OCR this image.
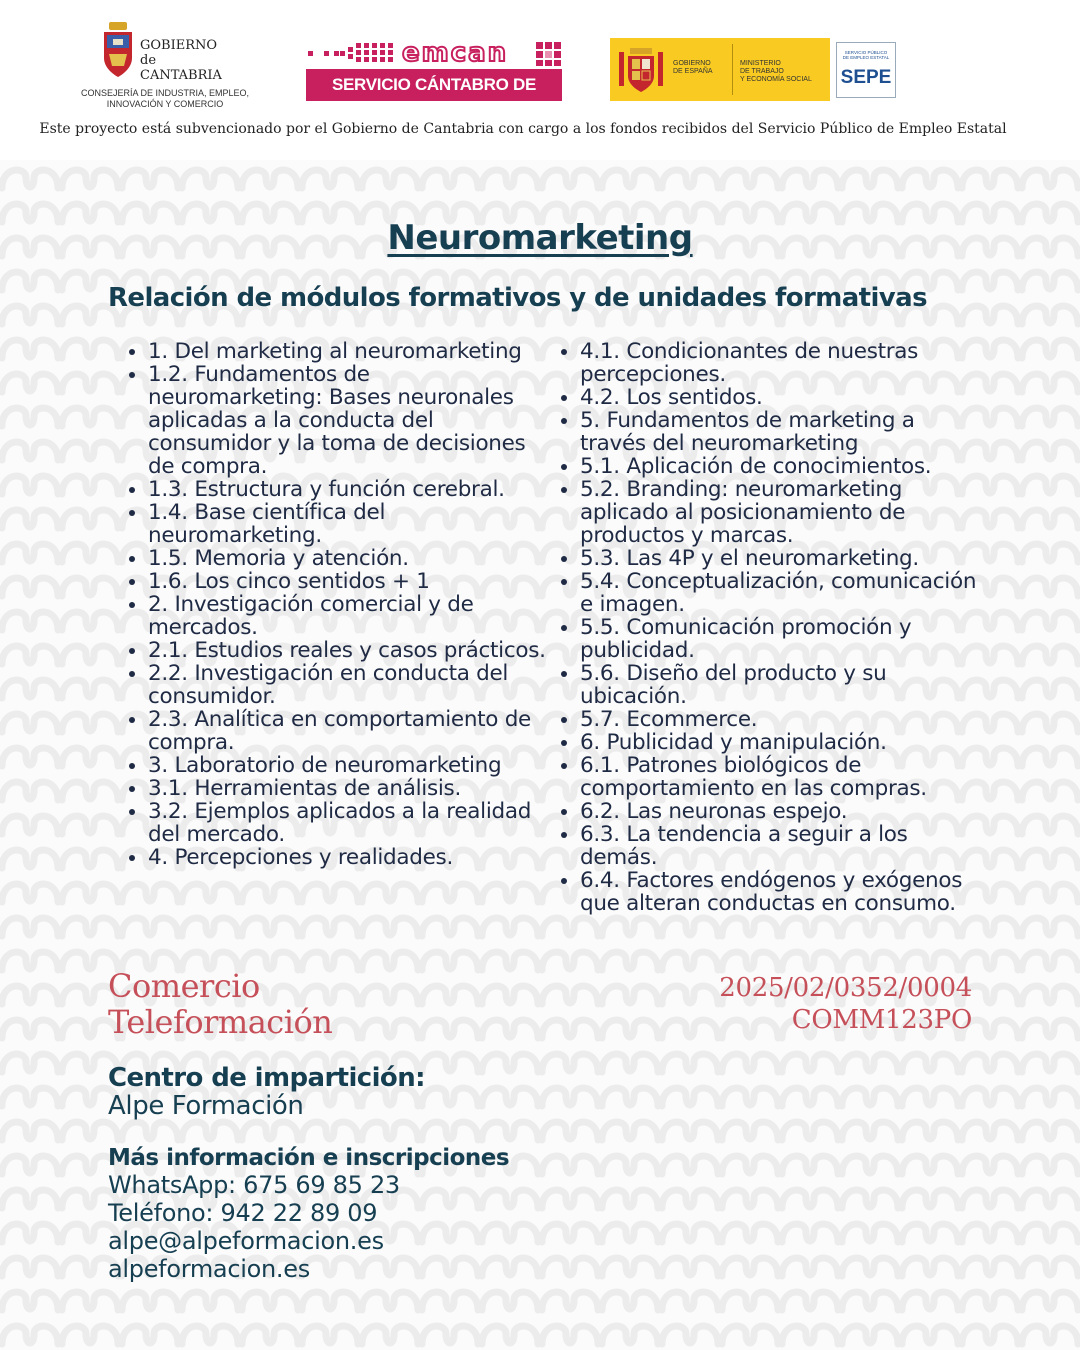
GOBIERNO
de
CANTABRIA
CONSEJERÍA DE INDUSTRIA, EMPLEO,
INNOVACIÓN Y COMERCIO
emcan
SERVICIO CÁNTABRO DE EMPLEO
GOBIERNO
DE ESPAÑA
MINISTERIO
DE TRABAJO
Y ECONOMÍA SOCIAL
SERVICIO PÚBLICO
DE EMPLEO ESTATAL
SEPE
Este proyecto está subvencionado por el Gobierno de Cantabria con cargo a los fondos recibidos del Servicio Público de Empleo Estatal
Neuromarketing
Relación de módulos formativos y de unidades formativas
• 1. Del marketing al neuromarketing
• 1.2. Fundamentos de neuromarketing: Bases neuronales aplicadas a la conducta del consumidor y la toma de decisiones de compra.
• 1.3. Estructura y función cerebral.
• 1.4. Base científica del neuromarketing.
• 1.5. Memoria y atención.
• 1.6. Los cinco sentidos + 1
• 2. Investigación comercial y de mercados.
• 2.1. Estudios reales y casos prácticos.
• 2.2. Investigación en conducta del consumidor.
• 2.3. Analítica en comportamiento de compra.
• 3. Laboratorio de neuromarketing
• 3.1. Herramientas de análisis.
• 3.2. Ejemplos aplicados a la realidad del mercado.
• 4. Percepciones y realidades.
• 4.1. Condicionantes de nuestras percepciones.
• 4.2. Los sentidos.
• 5. Fundamentos de marketing a través del neuromarketing
• 5.1. Aplicación de conocimientos.
• 5.2. Branding: neuromarketing aplicado al posicionamiento de productos y marcas.
• 5.3. Las 4P y el neuromarketing.
• 5.4. Conceptualización, comunicación e imagen.
• 5.5. Comunicación promoción y publicidad.
• 5.6. Diseño del producto y su ubicación.
• 5.7. Ecommerce.
• 6. Publicidad y manipulación.
• 6.1. Patrones biológicos de comportamiento en las compras.
• 6.2. Las neuronas espejo.
• 6.3. La tendencia a seguir a los demás.
• 6.4. Factores endógenos y exógenos que alteran conductas en consumo.
Comercio
Teleformación
2025/02/0352/0004
COMM123PO
Centro de impartición:
Alpe Formación
Más información e inscripciones
WhatsApp: 675 69 85 23
Teléfono: 942 22 89 09
alpe@alpeformacion.es
alpeformacion.es
